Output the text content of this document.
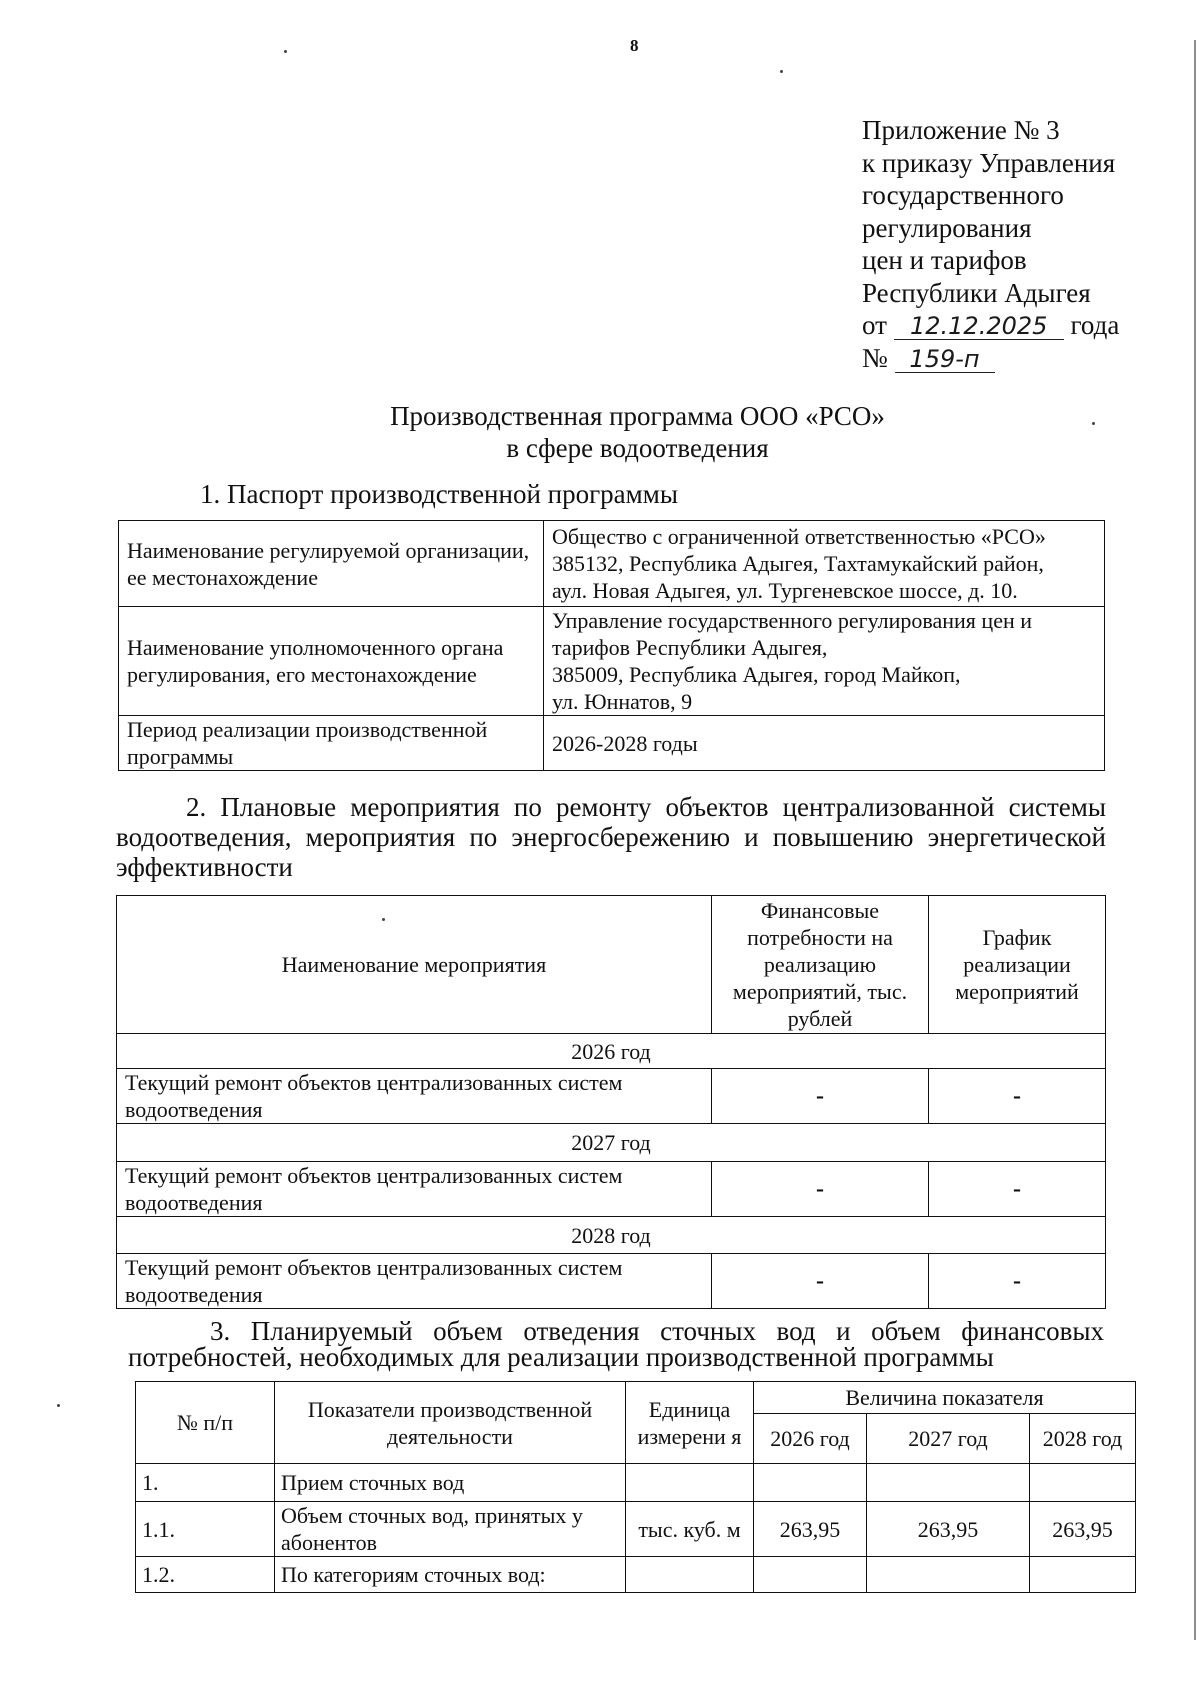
8
Приложение № 3
к приказу Управления
государственного
регулирования
цен и тарифов
Республики Адыгея
от 12.12.2025 года
№ 159-п
Производственная программа ООО «РСО»
в сфере водоотведения
1. Паспорт производственной программы
Наименование регулируемой организации, ее местонахождение	Общество с ограниченной ответственностью «РСО»
385132, Республика Адыгея, Тахтамукайский район,
аул. Новая Адыгея, ул. Тургеневское шоссе, д. 10.

Наименование уполномоченного органа регулирования, его местонахождение	Управление государственного регулирования цен и
тарифов Республики Адыгея,
385009, Республика Адыгея, город Майкоп,
ул. Юннатов, 9

Период реализации производственной программы	2026-2028 годы
2. Плановые мероприятия по ремонту объектов централизованной системы водоотведения, мероприятия по энергосбережению и повышению энергетической эффективности
Наименование мероприятия	Финансовые потребности на реализацию мероприятий, тыс. рублей	График реализации мероприятий
2026 год		
Текущий ремонт объектов централизованных систем водоотведения	-	-
2027 год		
Текущий ремонт объектов централизованных систем водоотведения	-	-
2028 год		
Текущий ремонт объектов централизованных систем водоотведения	-	-
3. Планируемый объем отведения сточных вод и объем финансовых потребностей, необходимых для реализации производственной программы
№ п/п	Показатели производственной деятельности	Единица измерени я	Величина показателя		
			2026 год	2027 год	2028 год
1.	Прием сточных вод				
1.1.	Объем сточных вод, принятых у абонентов	тыс. куб. м	263,95	263,95	263,95
1.2.	По категориям сточных вод:				
